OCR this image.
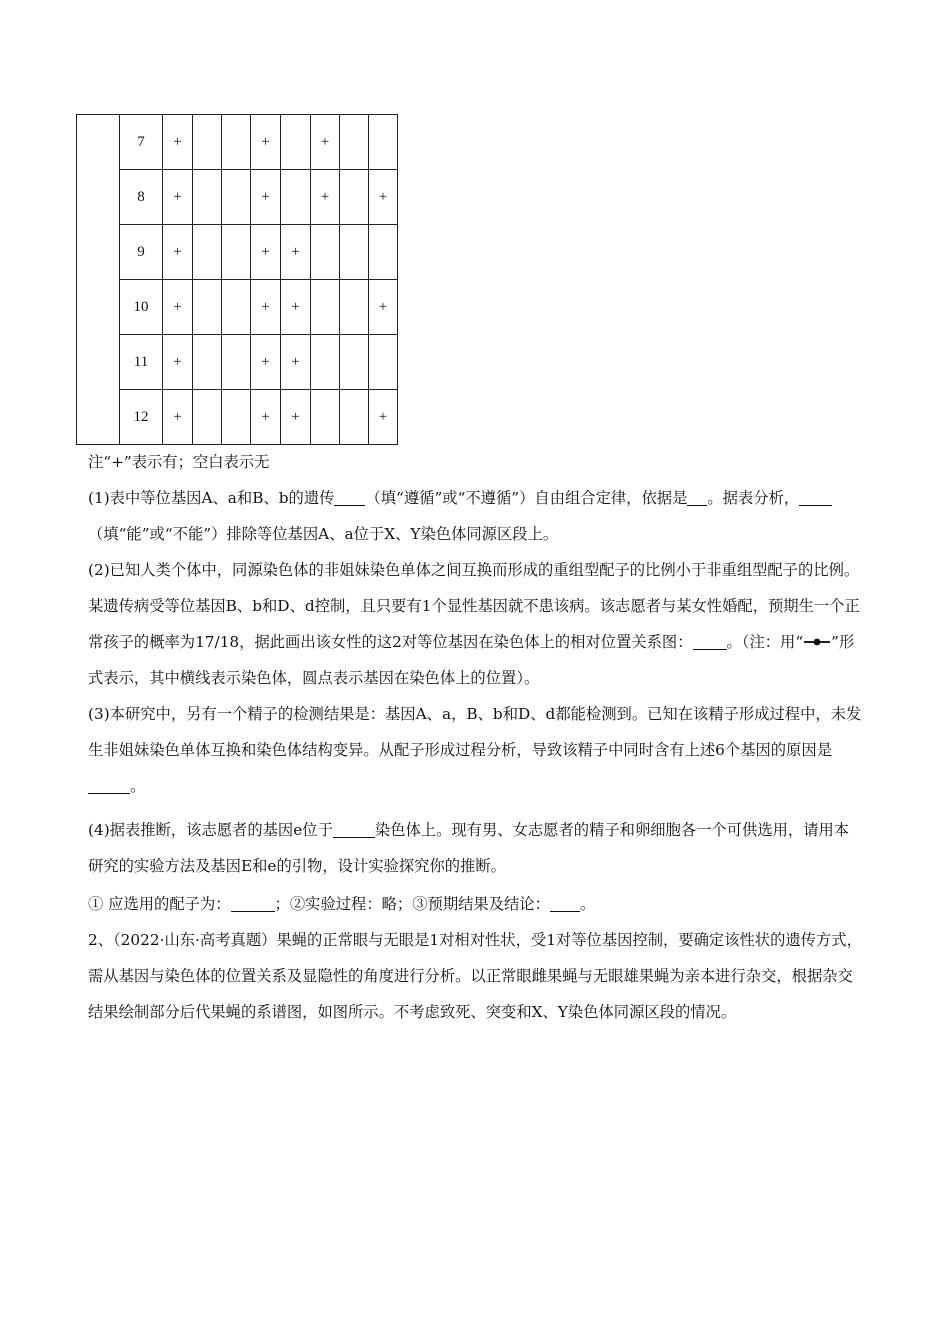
	7	+			+		+		
	8	+			+		+		+
	9	+			+	+			
	10	+			+	+			+
	11	+			+	+			
	12	+			+	+			+
注“+”表示有；空白表示无

(1)表中等位基因A、a和B、b的遗传 （填“遵循”或“不遵循”）自由组合定律，依据是 。据表分析，（填“能”或“不能”）排除等位基因A、a位于X、Y染色体同源区段上。

(2)已知人类个体中，同源染色体的非姐妹染色单体之间互换而形成的重组型配子的比例小于非重组型配子的比例。某遗传病受等位基因B、b和D、d控制，且只要有1个显性基因就不患该病。该志愿者与某女性婚配，预期生一个正常孩子的概率为17/18，据此画出该女性的这2对等位基因在染色体上的相对位置关系图： 。（注：用“ ”形式表示，其中横线表示染色体，圆点表示基因在染色体上的位置）。

(3)本研究中，另有一个精子的检测结果是：基因A、a，B、b和D、d都能检测到。已知在该精子形成过程中，未发生非姐妹染色单体互换和染色体结构变异。从配子形成过程分析，导致该精子中同时含有上述6个基因的原因是。

(4)据表推断，该志愿者的基因e位于	染色体上。现有男、女志愿者的精子和卵细胞各一个可供选用，请用本研究的实验方法及基因E和e的引物，设计实验探究你的推断。

① 应选用的配子为：	；②实验过程：略；③预期结果及结论： 。

2、（2022·山东·高考真题）果蝇的正常眼与无眼是1对相对性状，受1对等位基因控制，要确定该性状的遗传方式，需从基因与染色体的位置关系及显隐性的角度进行分析。以正常眼雌果蝇与无眼雄果蝇为亲本进行杂交，根据杂交结果绘制部分后代果蝇的系谱图，如图所示。不考虑致死、突变和X、Y染色体同源区段的情况。
